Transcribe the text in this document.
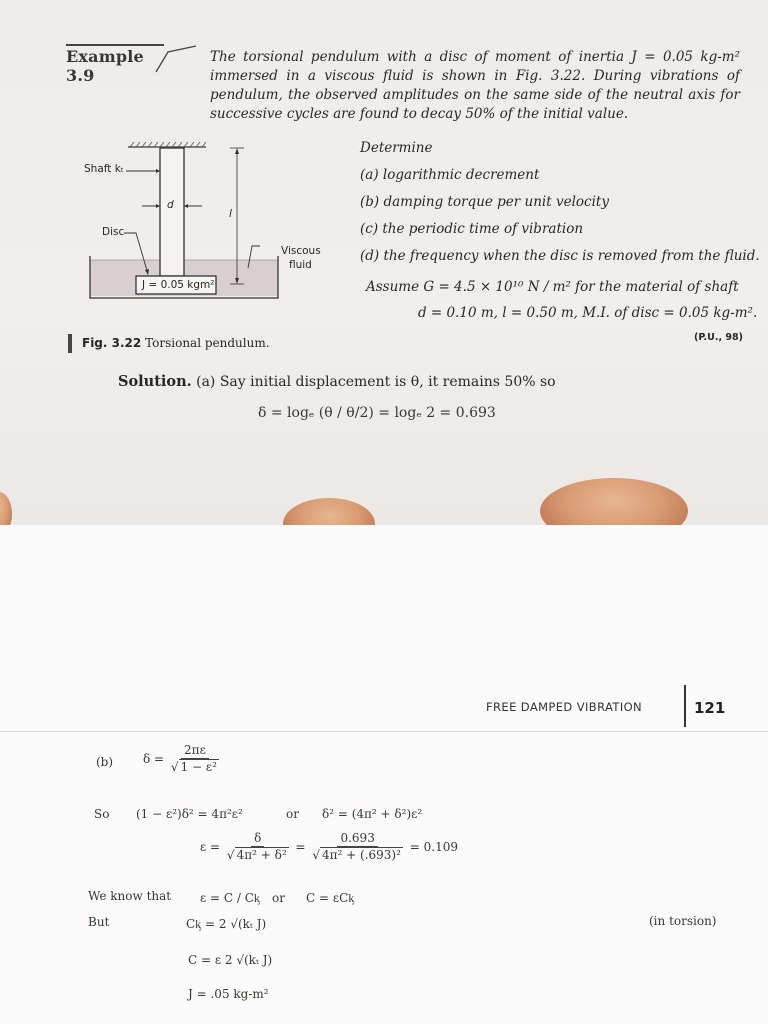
Example 3.9
The torsional pendulum with a disc of moment of inertia J = 0.05 kg-m² immersed in a viscous fluid is shown in Fig. 3.22. During vibrations of pendulum, the observed amplitudes on the same side of the neutral axis for successive cycles are found to decay 50% of the initial value.
Shaft kₜ
d
l
Disc
Viscous
fluid
J = 0.05 kgm²
Determine
(a) logarithmic decrement
(b) damping torque per unit velocity
(c) the periodic time of vibration
(d) the frequency when the disc is removed from the fluid.
Assume G = 4.5 × 10¹⁰ N / m² for the material of shaft
d = 0.10 m, l = 0.50 m, M.I. of disc = 0.05 kg-m².
(P.U., 98)
Fig. 3.22 Torsional pendulum.
Solution. (a) Say initial displacement is θ, it remains 50% so
δ = logₑ (θ / θ/2) = logₑ 2 = 0.693
FREE DAMPED VIBRATION	121
(b) $\delta = \frac{2\pi\varepsilon}{\text{√ 1 − ε²}}$
So (1 − ε²)δ² = 4π²ε²	or δ² = (4π² + δ²)ε²
$\varepsilon = \frac{\delta}{\text{√ 4π² + δ²}} = \frac{0.693}{\text{√ 4π² + (.693)²}} = 0.109$
We know that ε = C / Cᶄ or C = εCᶄ
But	Cᶄ = 2 √(kₜ J)	(in torsion)
C = ε 2 √(kₜ J)
J = .05 kg-m²
